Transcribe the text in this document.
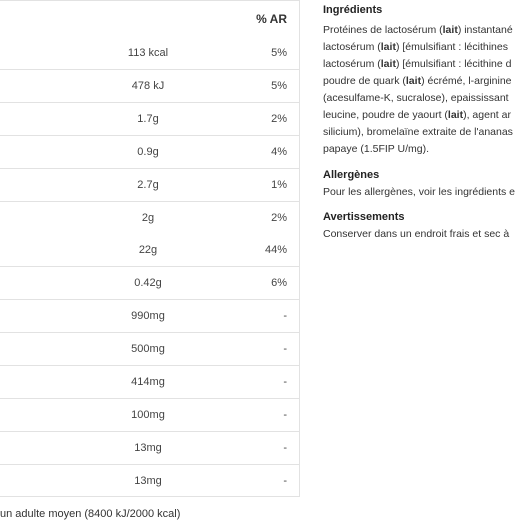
% AR
113 kcal	5%
478 kJ	5%
1.7g	2%
0.9g	4%
2.7g	1%
2g	2%
22g	44%
0.42g	6%
990mg	-
500mg	-
414mg	-
100mg	-
13mg	-
13mg	-
un adulte moyen (8400 kJ/2000 kcal)
Ingrédients
Protéines de lactosérum (lait) instantané
lactosérum (lait) [émulsifiant : lécithines
lactosérum (lait) [émulsifiant : lécithine d
poudre de quark (lait) écrémé, l-arginine
(acesulfame-K, sucralose), epaississant
leucine, poudre de yaourt (lait), agent ar
silicium), bromelaïne extraite de l'ananas
papaye (1.5FIP U/mg).
Allergènes
Pour les allergènes, voir les ingrédients e
Avertissements
Conserver dans un endroit frais et sec à
